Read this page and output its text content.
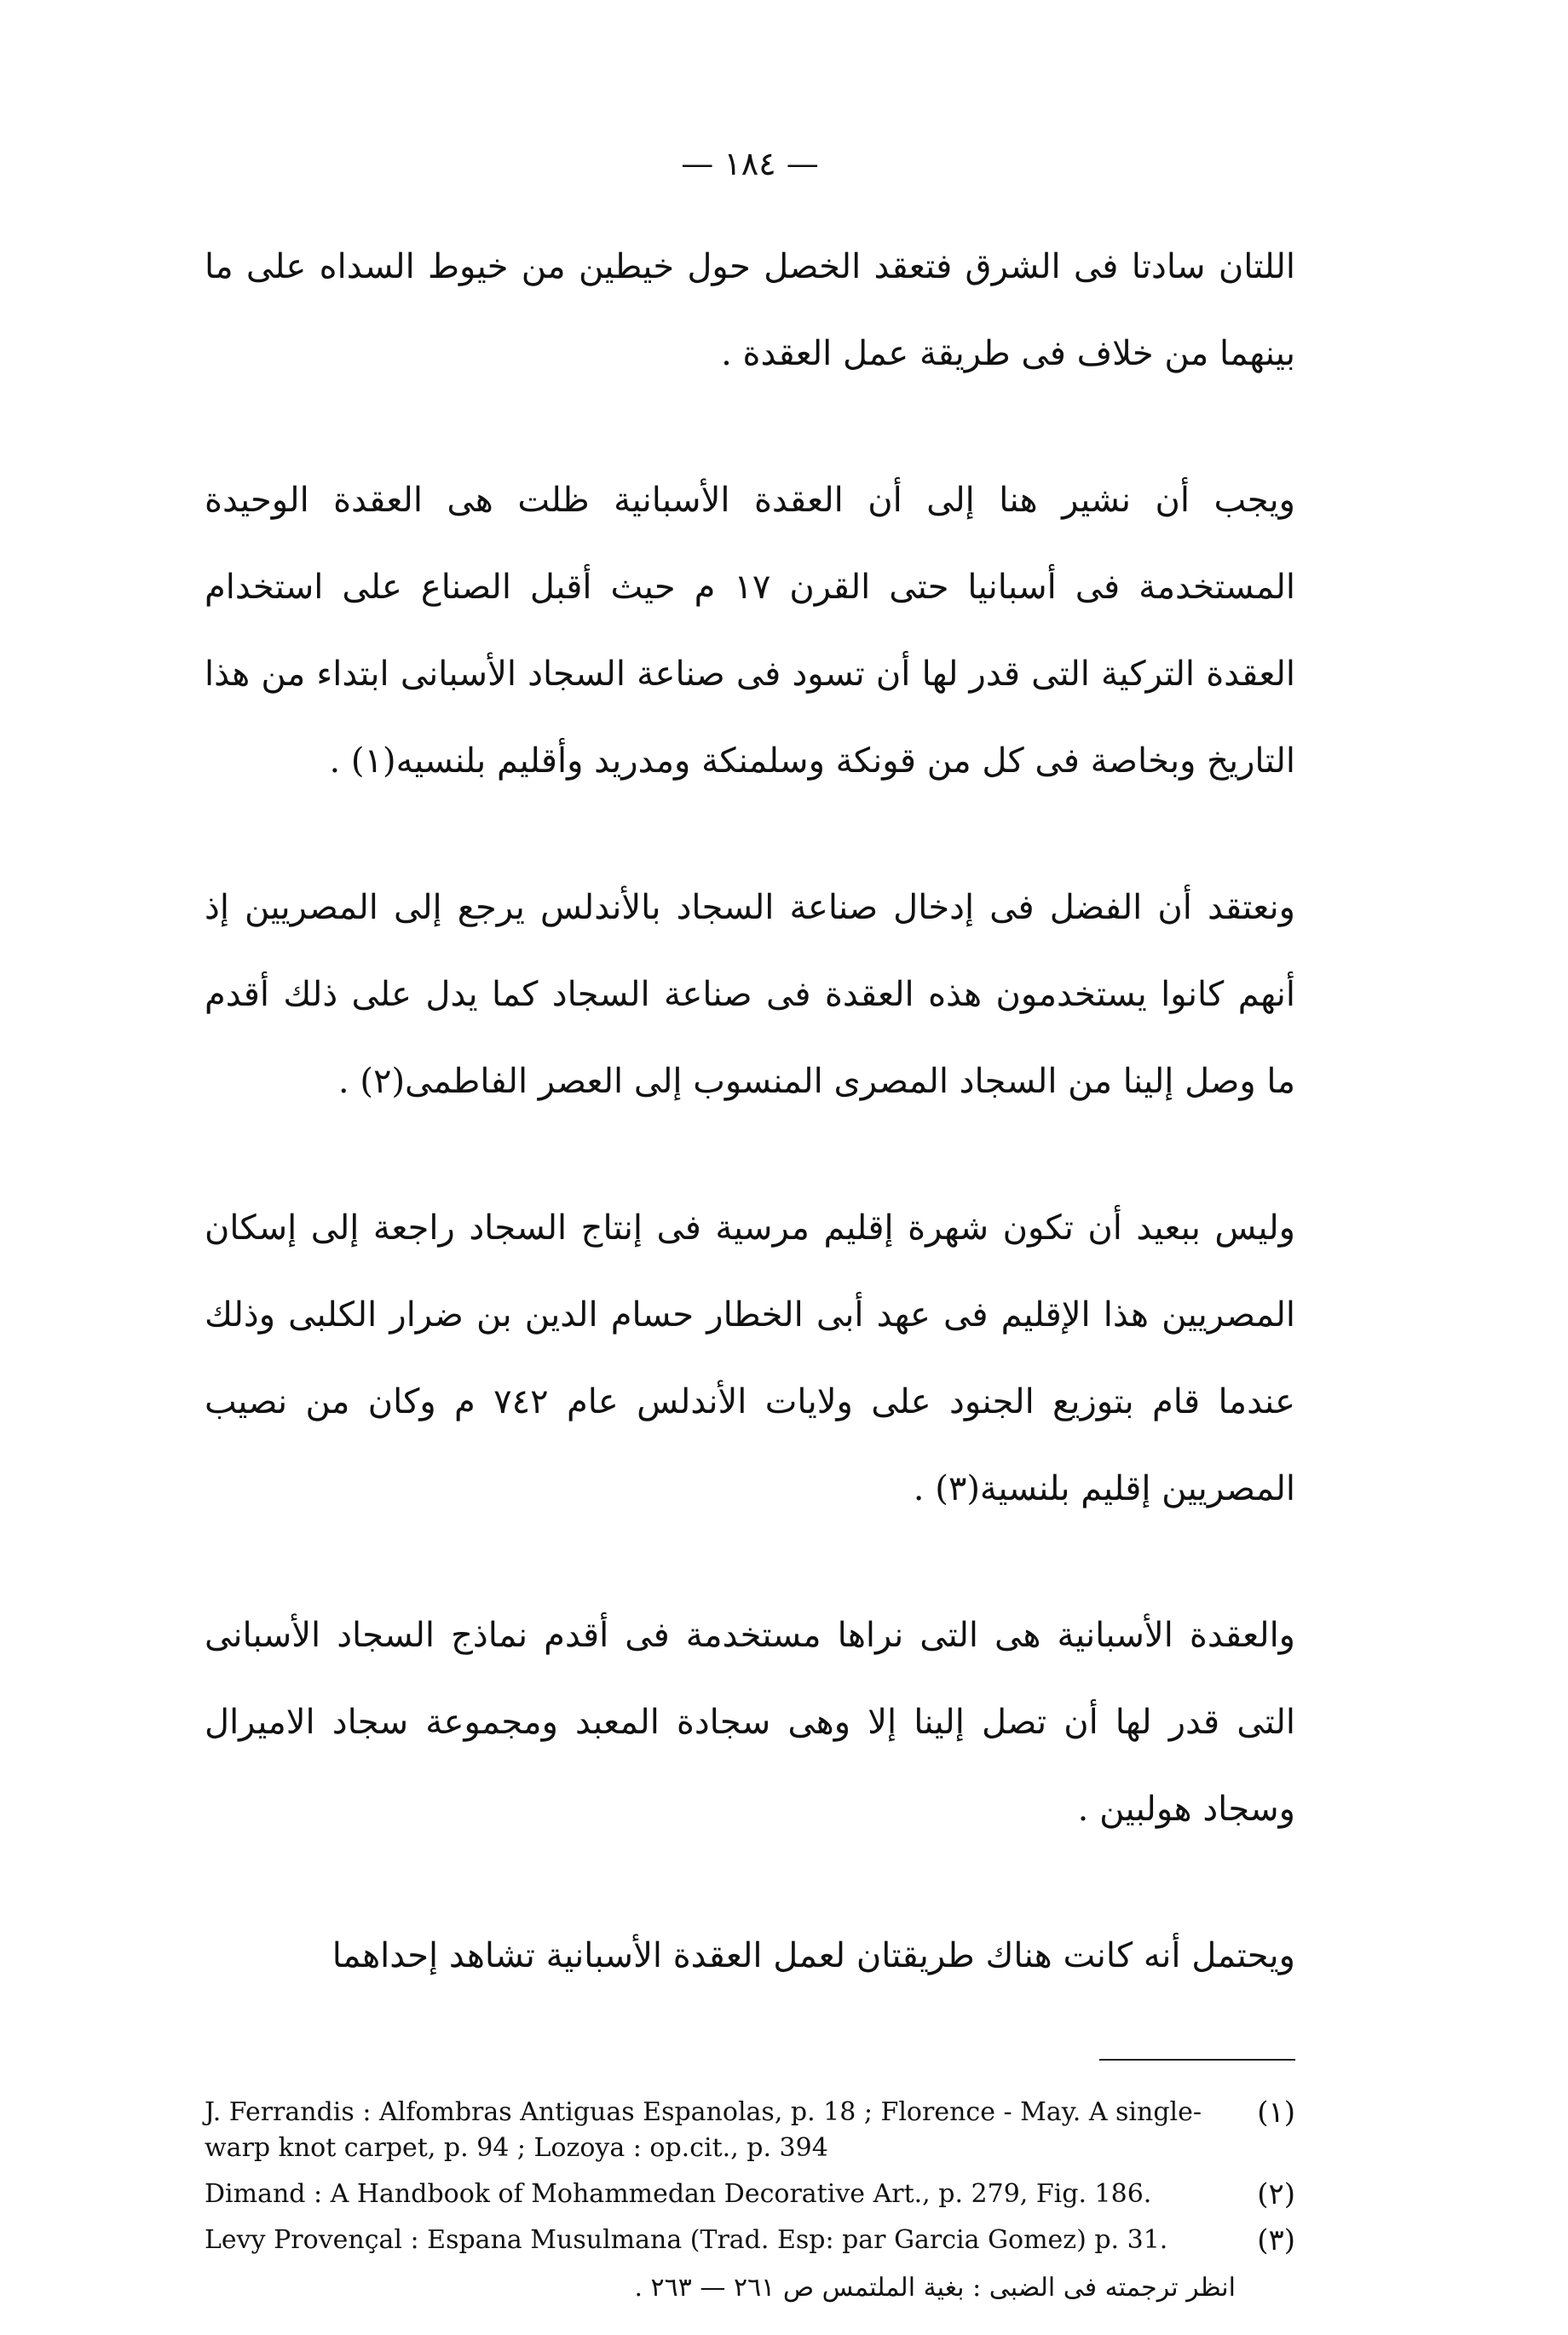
— ١٨٤ —

اللتان سادتا فى الشرق فتعقد الخصل حول خيطين من خيوط السداه على ما بينهما من خلاف فى طريقة عمل العقدة .

ويجب أن نشير هنا إلى أن العقدة الأسبانية ظلت هى العقدة الوحيدة المستخدمة فى أسبانيا حتى القرن ١٧ م حيث أقبل الصناع على استخدام العقدة التركية التى قدر لها أن تسود فى صناعة السجاد الأسبانى ابتداء من هذا التاريخ وبخاصة فى كل من قونكة وسلمنكة ومدريد وأقليم بلنسيه(١) .

ونعتقد أن الفضل فى إدخال صناعة السجاد بالأندلس يرجع إلى المصريين إذ أنهم كانوا يستخدمون هذه العقدة فى صناعة السجاد كما يدل على ذلك أقدم ما وصل إلينا من السجاد المصرى المنسوب إلى العصر الفاطمى(٢) .

وليس ببعيد أن تكون شهرة إقليم مرسية فى إنتاج السجاد راجعة إلى إسكان المصريين هذا الإقليم فى عهد أبى الخطار حسام الدين بن ضرار الكلبى وذلك عندما قام بتوزيع الجنود على ولايات الأندلس عام ٧٤٢ م وكان من نصيب المصريين إقليم بلنسية(٣) .

والعقدة الأسبانية هى التى نراها مستخدمة فى أقدم نماذج السجاد الأسبانى التى قدر لها أن تصل إلينا إلا وهى سجادة المعبد ومجموعة سجاد الاميرال وسجاد هولبين .

ويحتمل أنه كانت هناك طريقتان لعمل العقدة الأسبانية تشاهد إحداهما

(١)
J. Ferrandis : Alfombras Antiguas Espanolas, p. 18 ; Florence - May. A single-warp knot carpet, p. 94 ; Lozoya : op.cit., p. 394
(٢)
Dimand : A Handbook of Mohammedan Decorative Art., p. 279, Fig. 186.
(٣)
Levy Provençal : Espana Musulmana (Trad. Esp: par Garcia Gomez) p. 31.
انظر ترجمته فى الضبى : بغية الملتمس ص ٢٦١ — ٢٦٣ .
